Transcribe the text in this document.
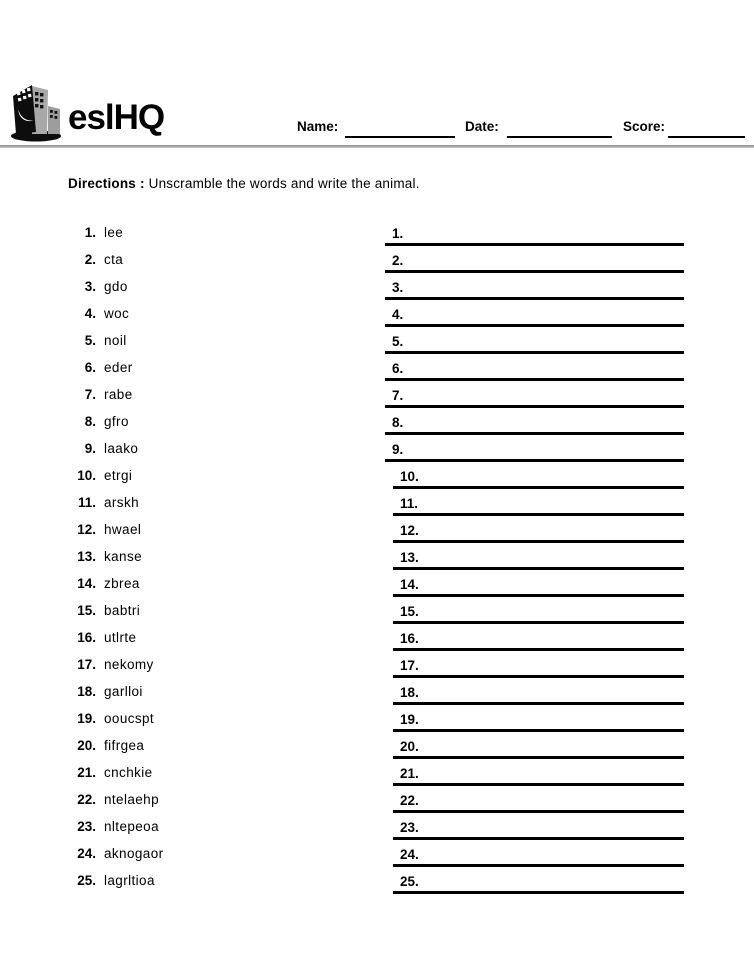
eslHQ	Name:	Date:	Score:
Directions : Unscramble the words and write the animal.
1. lee
2. cta
3. gdo
4. woc
5. noil
6. eder
7. rabe
8. gfro
9. laako
10. etrgi
11. arskh
12. hwael
13. kanse
14. zbrea
15. babtri
16. utlrte
17. nekomy
18. garlloi
19. ooucspt
20. fifrgea
21. cnchkie
22. ntelaehp
23. nltepeoa
24. aknogaor
25. lagrltioa
1.
2.
3.
4.
5.
6.
7.
8.
9.
10.
11.
12.
13.
14.
15.
16.
17.
18.
19.
20.
21.
22.
23.
24.
25.
